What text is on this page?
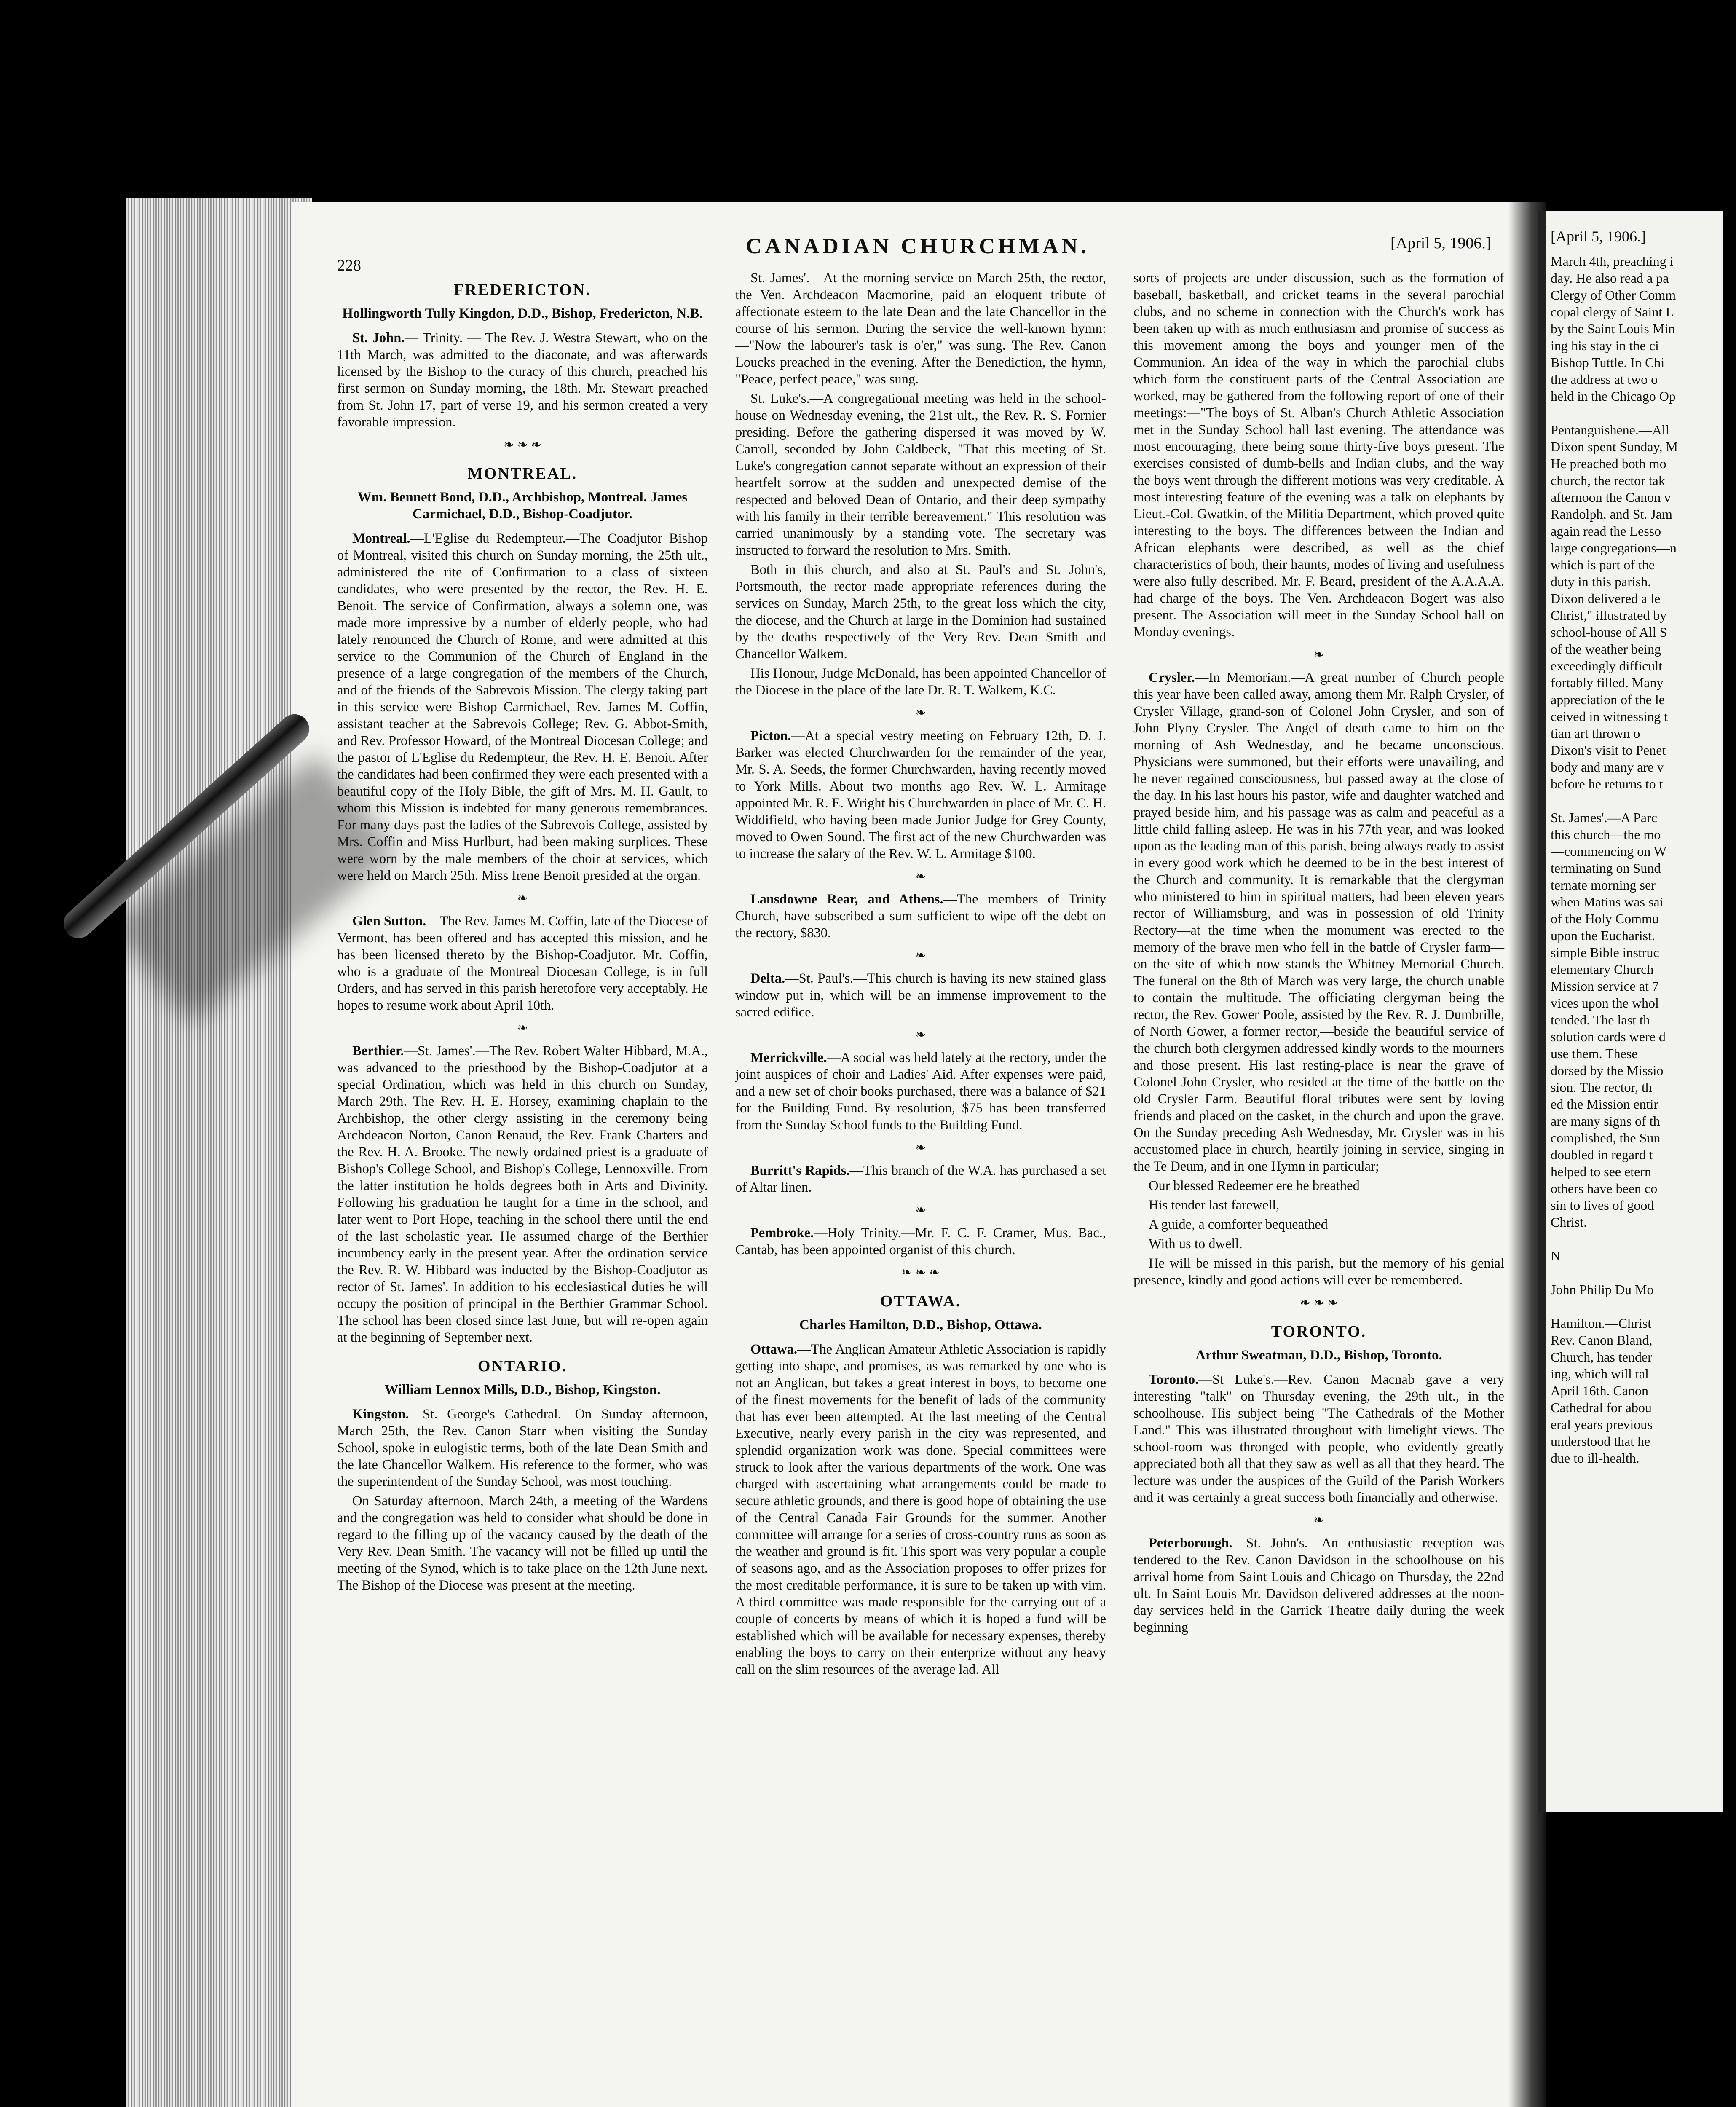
228
CANADIAN CHURCHMAN.	[April 5, 1906.]
FREDERICTON.
Hollingworth Tully Kingdon, D.D., Bishop, Fredericton, N.B.

St. John.— Trinity. — The Rev. J. Westra Stewart, who on the 11th March, was admitted to the diaconate, and was afterwards licensed by the Bishop to the curacy of this church, preached his first sermon on Sunday morning, the 18th. Mr. Stewart preached from St. John 17, part of verse 19, and his sermon created a very favorable impression.

❧ ❧ ❧
MONTREAL.
Wm. Bennett Bond, D.D., Archbishop, Montreal. James Carmichael, D.D., Bishop-Coadjutor.

Montreal.—L'Eglise du Redempteur.—The Coadjutor Bishop of Montreal, visited this church on Sunday morning, the 25th ult., administered the rite of Confirmation to a class of sixteen candidates, who were presented by the rector, the Rev. H. E. Benoit. The service of Confirmation, always a solemn one, was made more impressive by a number of elderly people, who had lately renounced the Church of Rome, and were admitted at this service to the Communion of the Church of England in the presence of a large congregation of the members of the Church, and of the friends of the Sabrevois Mission. The clergy taking part in this service were Bishop Carmichael, Rev. James M. Coffin, assistant teacher at the Sabrevois College; Rev. G. Abbot-Smith, and Rev. Professor Howard, of the Montreal Diocesan College; and the pastor of L'Eglise du Redempteur, the Rev. H. E. Benoit. After the candidates had been confirmed they were each presented with a beautiful copy of the Holy Bible, the gift of Mrs. M. H. Gault, to whom this Mission is indebted for many generous remembrances. For many days past the ladies of the Sabrevois College, assisted by Mrs. Coffin and Miss Hurlburt, had been making surplices. These were worn by the male members of the choir at services, which were held on March 25th. Miss Irene Benoit presided at the organ.

❧

Glen Sutton.—The Rev. James M. Coffin, late of the Diocese of Vermont, has been offered and has accepted this mission, and he has been licensed thereto by the Bishop-Coadjutor. Mr. Coffin, who is a graduate of the Montreal Diocesan College, is in full Orders, and has served in this parish heretofore very acceptably. He hopes to resume work about April 10th.

❧

Berthier.—St. James'.—The Rev. Robert Walter Hibbard, M.A., was advanced to the priesthood by the Bishop-Coadjutor at a special Ordination, which was held in this church on Sunday, March 29th. The Rev. H. E. Horsey, examining chaplain to the Archbishop, the other clergy assisting in the ceremony being Archdeacon Norton, Canon Renaud, the Rev. Frank Charters and the Rev. H. A. Brooke. The newly ordained priest is a graduate of Bishop's College School, and Bishop's College, Lennoxville. From the latter institution he holds degrees both in Arts and Divinity. Following his graduation he taught for a time in the school, and later went to Port Hope, teaching in the school there until the end of the last scholastic year. He assumed charge of the Berthier incumbency early in the present year. After the ordination service the Rev. R. W. Hibbard was inducted by the Bishop-Coadjutor as rector of St. James'. In addition to his ecclesiastical duties he will occupy the position of principal in the Berthier Grammar School. The school has been closed since last June, but will re-open again at the beginning of September next.

ONTARIO.
William Lennox Mills, D.D., Bishop, Kingston.

Kingston.—St. George's Cathedral.—On Sunday afternoon, March 25th, the Rev. Canon Starr when visiting the Sunday School, spoke in eulogistic terms, both of the late Dean Smith and the late Chancellor Walkem. His reference to the former, who was the superintendent of the Sunday School, was most touching.

On Saturday afternoon, March 24th, a meeting of the Wardens and the congregation was held to consider what should be done in regard to the filling up of the vacancy caused by the death of the Very Rev. Dean Smith. The vacancy will not be filled up until the meeting of the Synod, which is to take place on the 12th June next. The Bishop of the Diocese was present at the meeting.

St. James'.—At the morning service on March 25th, the rector, the Ven. Archdeacon Macmorine, paid an eloquent tribute of affectionate esteem to the late Dean and the late Chancellor in the course of his sermon. During the service the well-known hymn:—"Now the labourer's task is o'er," was sung. The Rev. Canon Loucks preached in the evening. After the Benediction, the hymn, "Peace, perfect peace," was sung.

St. Luke's.—A congregational meeting was held in the school-house on Wednesday evening, the 21st ult., the Rev. R. S. Fornier presiding. Before the gathering dispersed it was moved by W. Carroll, seconded by John Caldbeck, "That this meeting of St. Luke's congregation cannot separate without an expression of their heartfelt sorrow at the sudden and unexpected demise of the respected and beloved Dean of Ontario, and their deep sympathy with his family in their terrible bereavement." This resolution was carried unanimously by a standing vote. The secretary was instructed to forward the resolution to Mrs. Smith.

Both in this church, and also at St. Paul's and St. John's, Portsmouth, the rector made appropriate references during the services on Sunday, March 25th, to the great loss which the city, the diocese, and the Church at large in the Dominion had sustained by the deaths respectively of the Very Rev. Dean Smith and Chancellor Walkem.

His Honour, Judge McDonald, has been appointed Chancellor of the Diocese in the place of the late Dr. R. T. Walkem, K.C.

❧

Picton.—At a special vestry meeting on February 12th, D. J. Barker was elected Churchwarden for the remainder of the year, Mr. S. A. Seeds, the former Churchwarden, having recently moved to York Mills. About two months ago Rev. W. L. Armitage appointed Mr. R. E. Wright his Churchwarden in place of Mr. C. H. Widdifield, who having been made Junior Judge for Grey County, moved to Owen Sound. The first act of the new Churchwarden was to increase the salary of the Rev. W. L. Armitage $100.

❧

Lansdowne Rear, and Athens.—The members of Trinity Church, have subscribed a sum sufficient to wipe off the debt on the rectory, $830.

❧

Delta.—St. Paul's.—This church is having its new stained glass window put in, which will be an immense improvement to the sacred edifice.

❧

Merrickville.—A social was held lately at the rectory, under the joint auspices of choir and Ladies' Aid. After expenses were paid, and a new set of choir books purchased, there was a balance of $21 for the Building Fund. By resolution, $75 has been transferred from the Sunday School funds to the Building Fund.

❧

Burritt's Rapids.—This branch of the W.A. has purchased a set of Altar linen.

❧

Pembroke.—Holy Trinity.—Mr. F. C. F. Cramer, Mus. Bac., Cantab, has been appointed organist of this church.

❧ ❧ ❧
OTTAWA.
Charles Hamilton, D.D., Bishop, Ottawa.

Ottawa.—The Anglican Amateur Athletic Association is rapidly getting into shape, and promises, as was remarked by one who is not an Anglican, but takes a great interest in boys, to become one of the finest movements for the benefit of lads of the community that has ever been attempted. At the last meeting of the Central Executive, nearly every parish in the city was represented, and splendid organization work was done. Special committees were struck to look after the various departments of the work. One was charged with ascertaining what arrangements could be made to secure athletic grounds, and there is good hope of obtaining the use of the Central Canada Fair Grounds for the summer. Another committee will arrange for a series of cross-country runs as soon as the weather and ground is fit. This sport was very popular a couple of seasons ago, and as the Association proposes to offer prizes for the most creditable performance, it is sure to be taken up with vim. A third committee was made responsible for the carrying out of a couple of concerts by means of which it is hoped a fund will be established which will be available for necessary expenses, thereby enabling the boys to carry on their enterprize without any heavy call on the slim resources of the average lad. All

sorts of projects are under discussion, such as the formation of baseball, basketball, and cricket teams in the several parochial clubs, and no scheme in connection with the Church's work has been taken up with as much enthusiasm and promise of success as this movement among the boys and younger men of the Communion. An idea of the way in which the parochial clubs which form the constituent parts of the Central Association are worked, may be gathered from the following report of one of their meetings:—"The boys of St. Alban's Church Athletic Association met in the Sunday School hall last evening. The attendance was most encouraging, there being some thirty-five boys present. The exercises consisted of dumb-bells and Indian clubs, and the way the boys went through the different motions was very creditable. A most interesting feature of the evening was a talk on elephants by Lieut.-Col. Gwatkin, of the Militia Department, which proved quite interesting to the boys. The differences between the Indian and African elephants were described, as well as the chief characteristics of both, their haunts, modes of living and usefulness were also fully described. Mr. F. Beard, president of the A.A.A.A. had charge of the boys. The Ven. Archdeacon Bogert was also present. The Association will meet in the Sunday School hall on Monday evenings.

❧

Crysler.—In Memoriam.—A great number of Church people this year have been called away, among them Mr. Ralph Crysler, of Crysler Village, grand-son of Colonel John Crysler, and son of John Plyny Crysler. The Angel of death came to him on the morning of Ash Wednesday, and he became unconscious. Physicians were summoned, but their efforts were unavailing, and he never regained consciousness, but passed away at the close of the day. In his last hours his pastor, wife and daughter watched and prayed beside him, and his passage was as calm and peaceful as a little child falling asleep. He was in his 77th year, and was looked upon as the leading man of this parish, being always ready to assist in every good work which he deemed to be in the best interest of the Church and community. It is remarkable that the clergyman who ministered to him in spiritual matters, had been eleven years rector of Williamsburg, and was in possession of old Trinity Rectory—at the time when the monument was erected to the memory of the brave men who fell in the battle of Crysler farm—on the site of which now stands the Whitney Memorial Church. The funeral on the 8th of March was very large, the church unable to contain the multitude. The officiating clergyman being the rector, the Rev. Gower Poole, assisted by the Rev. R. J. Dumbrille, of North Gower, a former rector,—beside the beautiful service of the church both clergymen addressed kindly words to the mourners and those present. His last resting-place is near the grave of Colonel John Crysler, who resided at the time of the battle on the old Crysler Farm. Beautiful floral tributes were sent by loving friends and placed on the casket, in the church and upon the grave. On the Sunday preceding Ash Wednesday, Mr. Crysler was in his accustomed place in church, heartily joining in service, singing in the Te Deum, and in one Hymn in particular;

Our blessed Redeemer ere he breathed

His tender last farewell,

A guide, a comforter bequeathed

With us to dwell.

He will be missed in this parish, but the memory of his genial presence, kindly and good actions will ever be remembered.

❧ ❧ ❧
TORONTO.
Arthur Sweatman, D.D., Bishop, Toronto.

Toronto.—St Luke's.—Rev. Canon Macnab gave a very interesting "talk" on Thursday evening, the 29th ult., in the schoolhouse. His subject being "The Cathedrals of the Mother Land." This was illustrated throughout with limelight views. The school-room was thronged with people, who evidently greatly appreciated both all that they saw as well as all that they heard. The lecture was under the auspices of the Guild of the Parish Workers and it was certainly a great success both financially and otherwise.

❧

Peterborough.—St. John's.—An enthusiastic reception was tendered to the Rev. Canon Davidson in the schoolhouse on his arrival home from Saint Louis and Chicago on Thursday, the 22nd ult. In Saint Louis Mr. Davidson delivered addresses at the noon-day services held in the Garrick Theatre daily during the week beginning

[April 5, 1906.]
March 4th, preaching i
day. He also read a pa
Clergy of Other Comm
copal clergy of Saint L
by the Saint Louis Min
ing his stay in the ci
Bishop Tuttle. In Chi
the address at two o
held in the Chicago Op
Pentanguishene.—All
Dixon spent Sunday, M
He preached both mo
church, the rector tak
afternoon the Canon v
Randolph, and St. Jam
again read the Lesso
large congregations—n
which is part of the
duty in this parish.
Dixon delivered a le
Christ," illustrated by
school-house of All S
of the weather being
exceedingly difficult
fortably filled. Many
appreciation of the le
ceived in witnessing t
tian art thrown o
Dixon's visit to Penet
body and many are v
before he returns to t
St. James'.—A Parc
this church—the mo
—commencing on W
terminating on Sund
ternate morning ser
when Matins was sai
of the Holy Commu
upon the Eucharist.
simple Bible instruc
elementary Church
Mission service at 7
vices upon the whol
tended. The last th
solution cards were d
use them. These
dorsed by the Missio
sion. The rector, th
ed the Mission entir
are many signs of th
complished, the Sun
doubled in regard t
helped to see etern
others have been co
sin to lives of good
Christ.
N
John Philip Du Mo
Hamilton.—Christ
Rev. Canon Bland,
Church, has tender
ing, which will tal
April 16th. Canon
Cathedral for abou
eral years previous
understood that he
due to ill-health.
